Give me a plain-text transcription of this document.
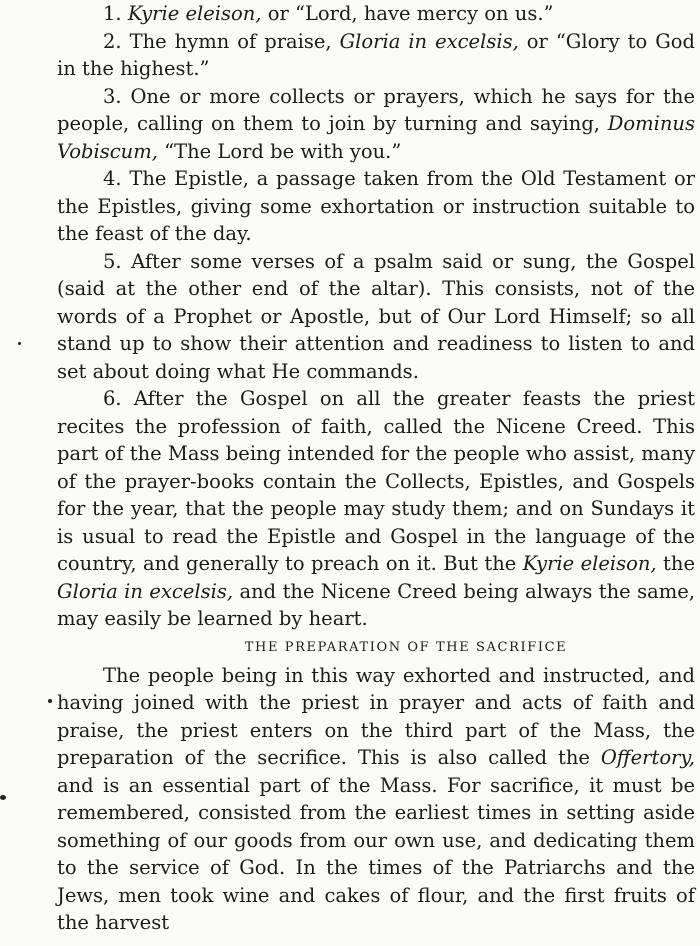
1. Kyrie eleison, or “Lord, have mercy on us.”

2. The hymn of praise, Gloria in excelsis, or “Glory to God in the highest.”

3. One or more collects or prayers, which he says for the people, calling on them to join by turning and saying, Dominus Vobiscum, “The Lord be with you.”

4. The Epistle, a passage taken from the Old Testament or the Epistles, giving some exhortation or instruction suitable to the feast of the day.

5. After some verses of a psalm said or sung, the Gospel (said at the other end of the altar). This consists, not of the words of a Prophet or Apostle, but of Our Lord Himself; so all stand up to show their attention and readiness to listen to and set about doing what He commands.

6. After the Gospel on all the greater feasts the priest recites the profession of faith, called the Nicene Creed. This part of the Mass being intended for the people who assist, many of the prayer-books contain the Collects, Epistles, and Gospels for the year, that the people may study them; and on Sundays it is usual to read the Epistle and Gospel in the language of the country, and generally to preach on it. But the Kyrie eleison, the Gloria in excelsis, and the Nicene Creed being always the same, may easily be learned by heart.

THE PREPARATION OF THE SACRIFICE

The people being in this way exhorted and instructed, and having joined with the priest in prayer and acts of faith and praise, the priest enters on the third part of the Mass, the preparation of the secrifice. This is also called the Offertory, and is an essential part of the Mass. For sacrifice, it must be remembered, consisted from the earliest times in setting aside something of our goods from our own use, and dedicating them to the service of God. In the times of the Patriarchs and the Jews, men took wine and cakes of flour, and the first fruits of the harvest
